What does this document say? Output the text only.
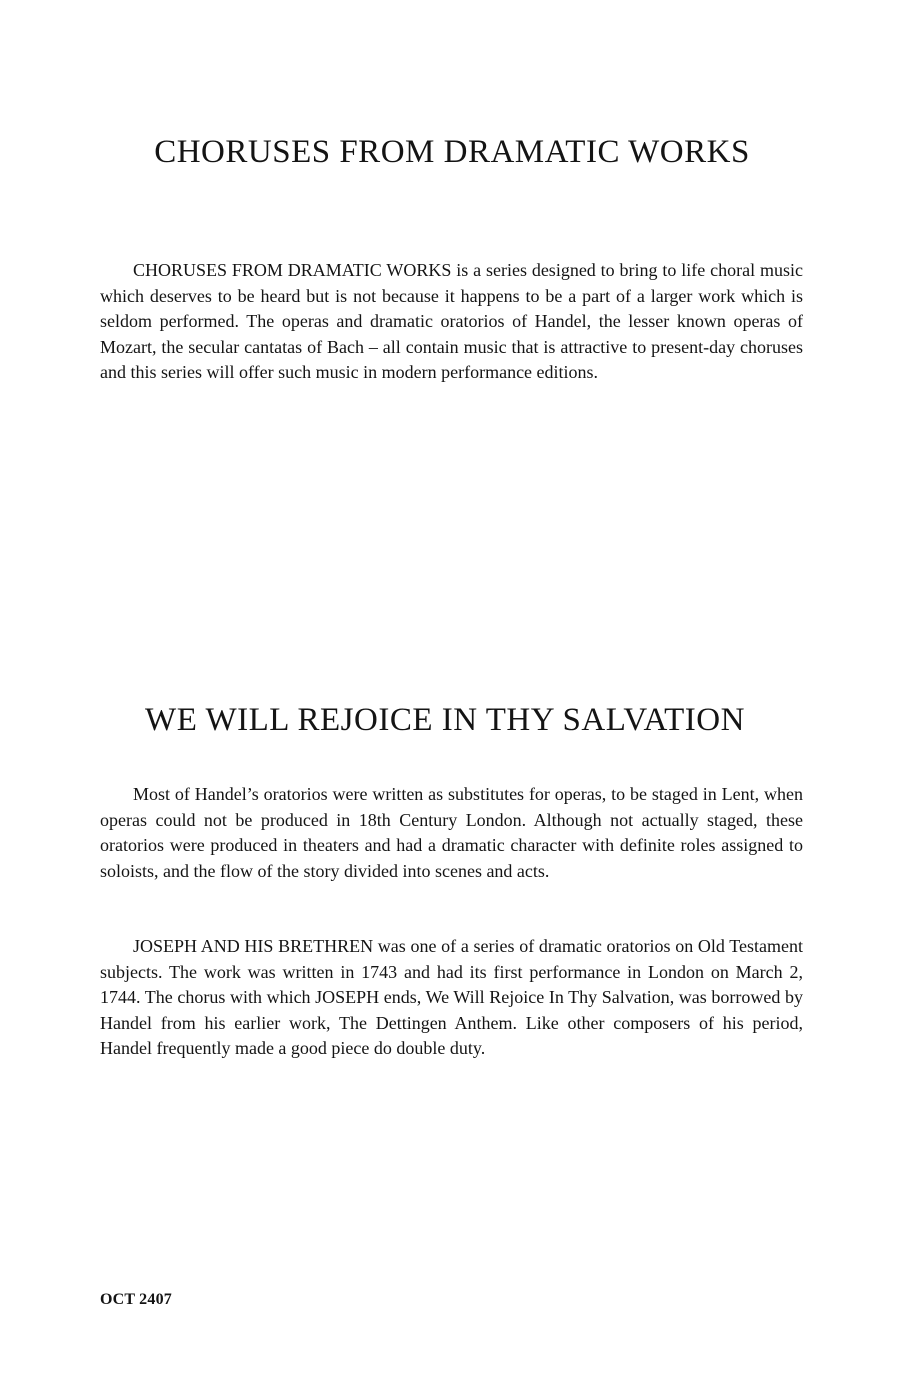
CHORUSES FROM DRAMATIC WORKS

CHORUSES FROM DRAMATIC WORKS is a series designed to bring to life choral music which deserves to be heard but is not because it happens to be a part of a larger work which is seldom performed. The operas and dramatic oratorios of Handel, the lesser known operas of Mozart, the secular cantatas of Bach – all contain music that is attractive to present-day choruses and this series will offer such music in modern performance editions.

WE WILL REJOICE IN THY SALVATION

Most of Handel’s oratorios were written as substitutes for operas, to be staged in Lent, when operas could not be produced in 18th Century London. Although not actually staged, these oratorios were produced in theaters and had a dramatic character with definite roles assigned to soloists, and the flow of the story divided into scenes and acts.

JOSEPH AND HIS BRETHREN was one of a series of dramatic oratorios on Old Testament subjects. The work was written in 1743 and had its first performance in London on March 2, 1744. The chorus with which JOSEPH ends, We Will Rejoice In Thy Salvation, was borrowed by Handel from his earlier work, The Dettingen Anthem. Like other composers of his period, Handel frequently made a good piece do double duty.

OCT 2407
